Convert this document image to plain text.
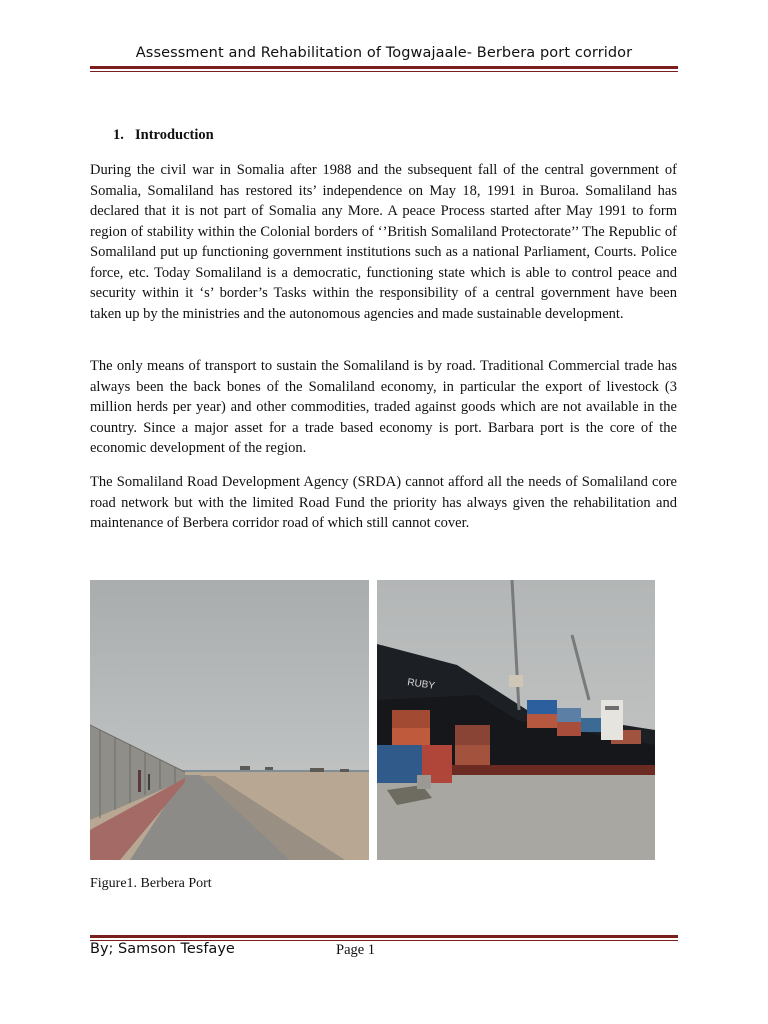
Assessment and Rehabilitation of Togwajaale- Berbera port corridor
1. Introduction

During the civil war in Somalia after 1988 and the subsequent fall of the central government of Somalia, Somaliland has restored its’ independence on May 18, 1991 in Buroa. Somaliland has declared that it is not part of Somalia any More. A peace Process started after May 1991 to form region of stability within the Colonial borders of ‘’British Somaliland Protectorate’’ The Republic of Somaliland put up functioning government institutions such as a national Parliament, Courts. Police force, etc. Today Somaliland is a democratic, functioning state which is able to control peace and security within it ‘s’ border’s Tasks within the responsibility of a central government have been taken up by the ministries and the autonomous agencies and made sustainable development.

The only means of transport to sustain the Somaliland is by road. Traditional Commercial trade has always been the back bones of the Somaliland economy, in particular the export of livestock (3 million herds per year) and other commodities, traded against goods which are not available in the country. Since a major asset for a trade based economy is port. Barbara port is the core of the economic development of the region.

The Somaliland Road Development Agency (SRDA) cannot afford all the needs of Somaliland core road network but with the limited Road Fund the priority has always given the rehabilitation and maintenance of Berbera corridor road of which still cannot cover.

RUBY
Figure1. Berbera Port
By; Samson Tesfaye	Page 1
